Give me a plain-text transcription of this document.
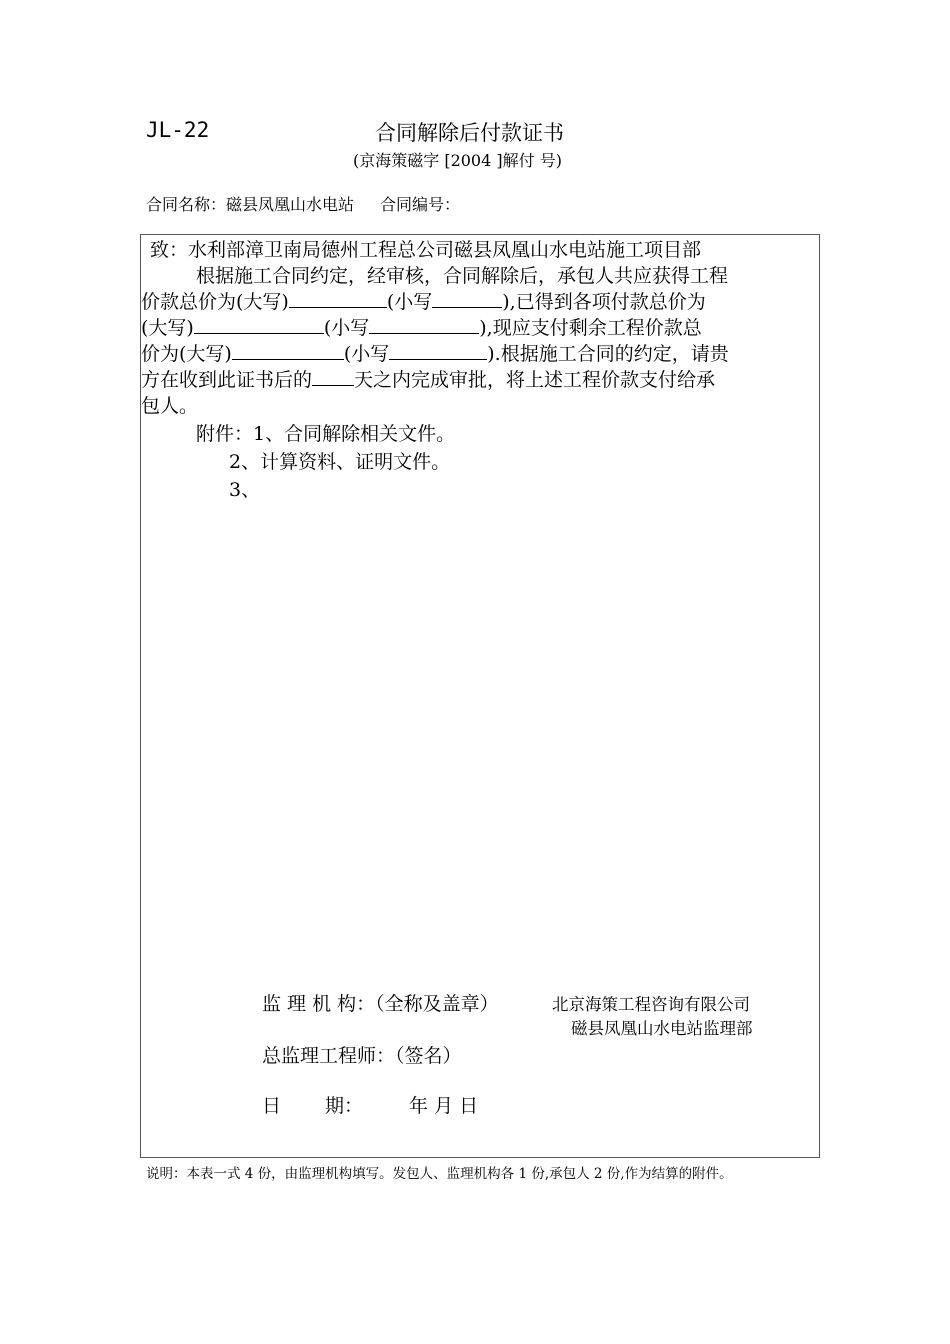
JL-22	合同解除后付款证书
(京海策磁字 [2004 ]解付 号)
合同名称：磁县凤凰山水电站 合同编号：
致：水利部漳卫南局德州工程总公司磁县凤凰山水电站施工项目部
根据施工合同约定，经审核，合同解除后，承包人共应获得工程
价款总价为(大写)	(小写	),已得到各项付款总价为
(大写)	(小写	),现应支付剩余工程价款总
价为(大写)	(小写	).根据施工合同的约定，请贵
方在收到此证书后的 天之内完成审批，将上述工程价款支付给承
包人。
附件：1、合同解除相关文件。
2、计算资料、证明文件。
3、
监 理 机 构：（全称及盖章）	北京海策工程咨询有限公司
磁县凤凰山水电站监理部
总监理工程师：（签名）
日 期： 年 月 日
说明：本表一式 4 份，由监理机构填写。发包人、监理机构各 1 份,承包人 2 份,作为结算的附件。
